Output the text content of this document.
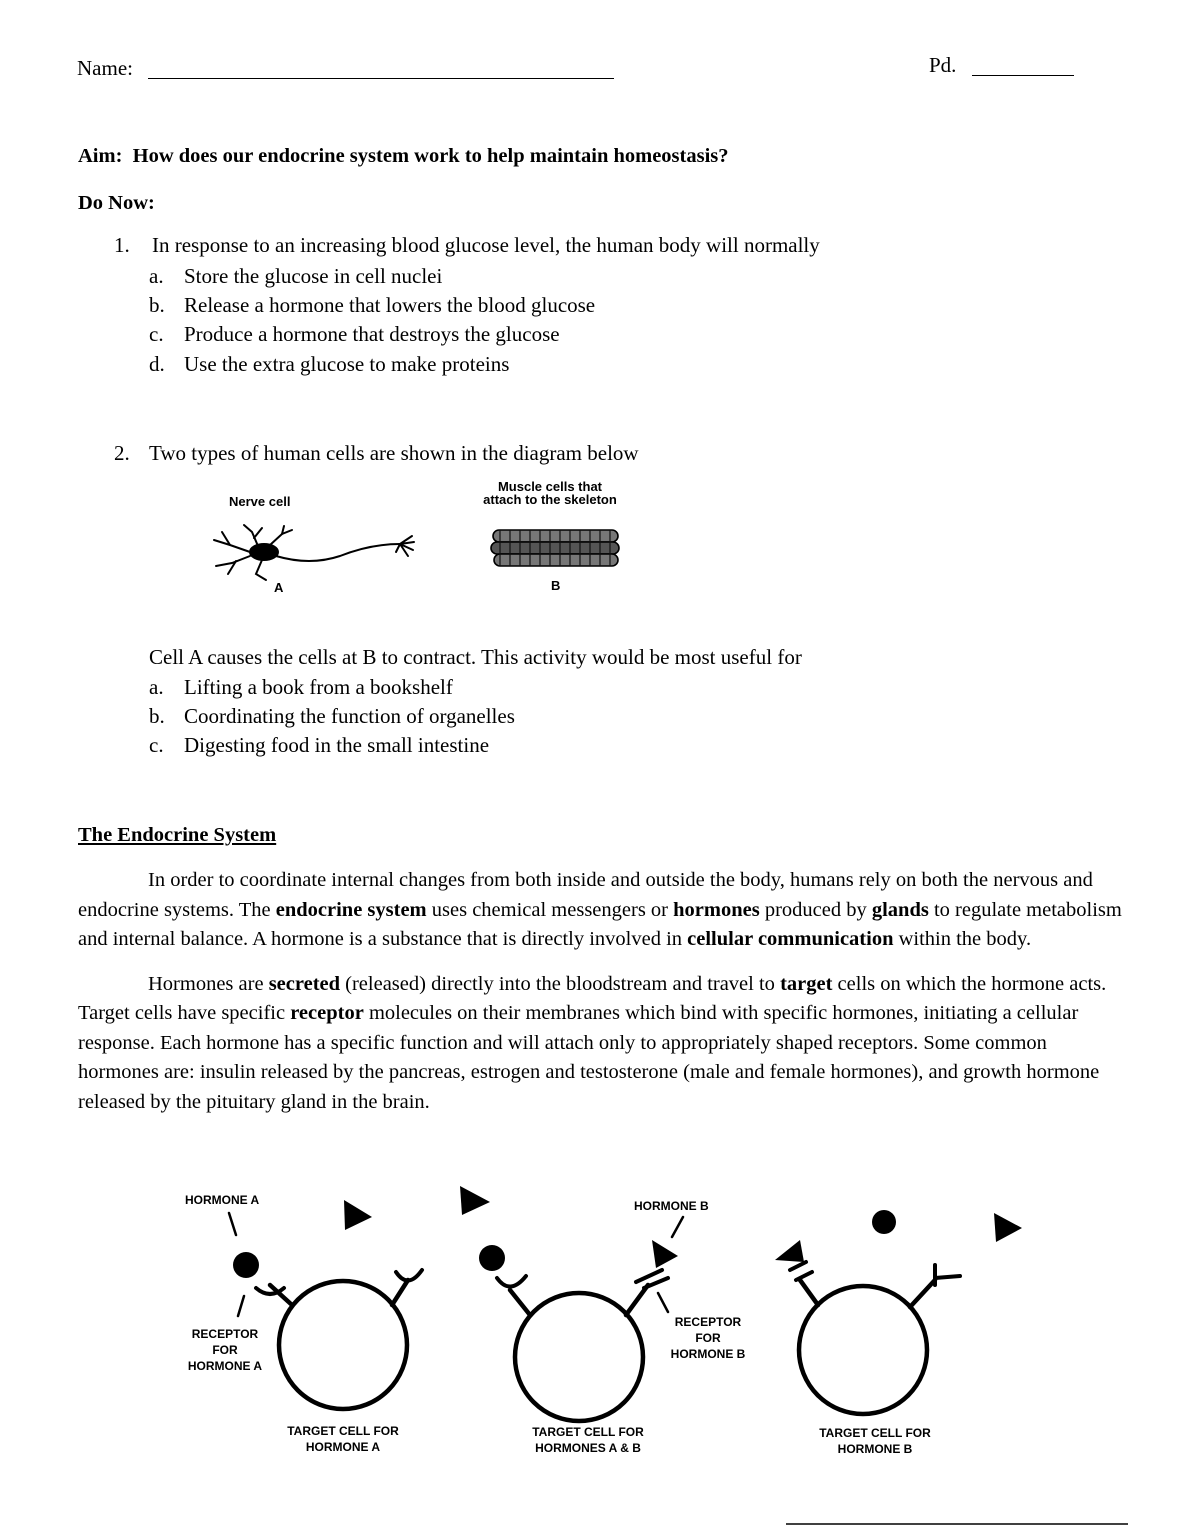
Name:	Pd.
Aim: How does our endocrine system work to help maintain homeostasis?
Do Now:
1. In response to an increasing blood glucose level, the human body will normally
a. Store the glucose in cell nuclei
b. Release a hormone that lowers the blood glucose
c. Produce a hormone that destroys the glucose
d. Use the extra glucose to make proteins
2. Two types of human cells are shown in the diagram below
Nerve cell
Muscle cells that
attach to the skeleton
A	B
Cell A causes the cells at B to contract. This activity would be most useful for
a. Lifting a book from a bookshelf
b. Coordinating the function of organelles
c. Digesting food in the small intestine
The Endocrine System

In order to coordinate internal changes from both inside and outside the body, humans rely on both the nervous and endocrine systems. The endocrine system uses chemical messengers or hormones produced by glands to regulate metabolism and internal balance. A hormone is a substance that is directly involved in cellular communication within the body.

Hormones are secreted (released) directly into the bloodstream and travel to target cells on which the hormone acts. Target cells have specific receptor molecules on their membranes which bind with specific hormones, initiating a cellular response. Each hormone has a specific function and will attach only to appropriately shaped receptors. Some common hormones are: insulin released by the pancreas, estrogen and testosterone (male and female hormones), and growth hormone released by the pituitary gland in the brain.

HORMONE A	HORMONE B
RECEPTOR
FOR
HORMONE A
RECEPTOR
FOR
HORMONE B
TARGET CELL FOR
HORMONE A
TARGET CELL FOR
HORMONES A & B
TARGET CELL FOR
HORMONE B
